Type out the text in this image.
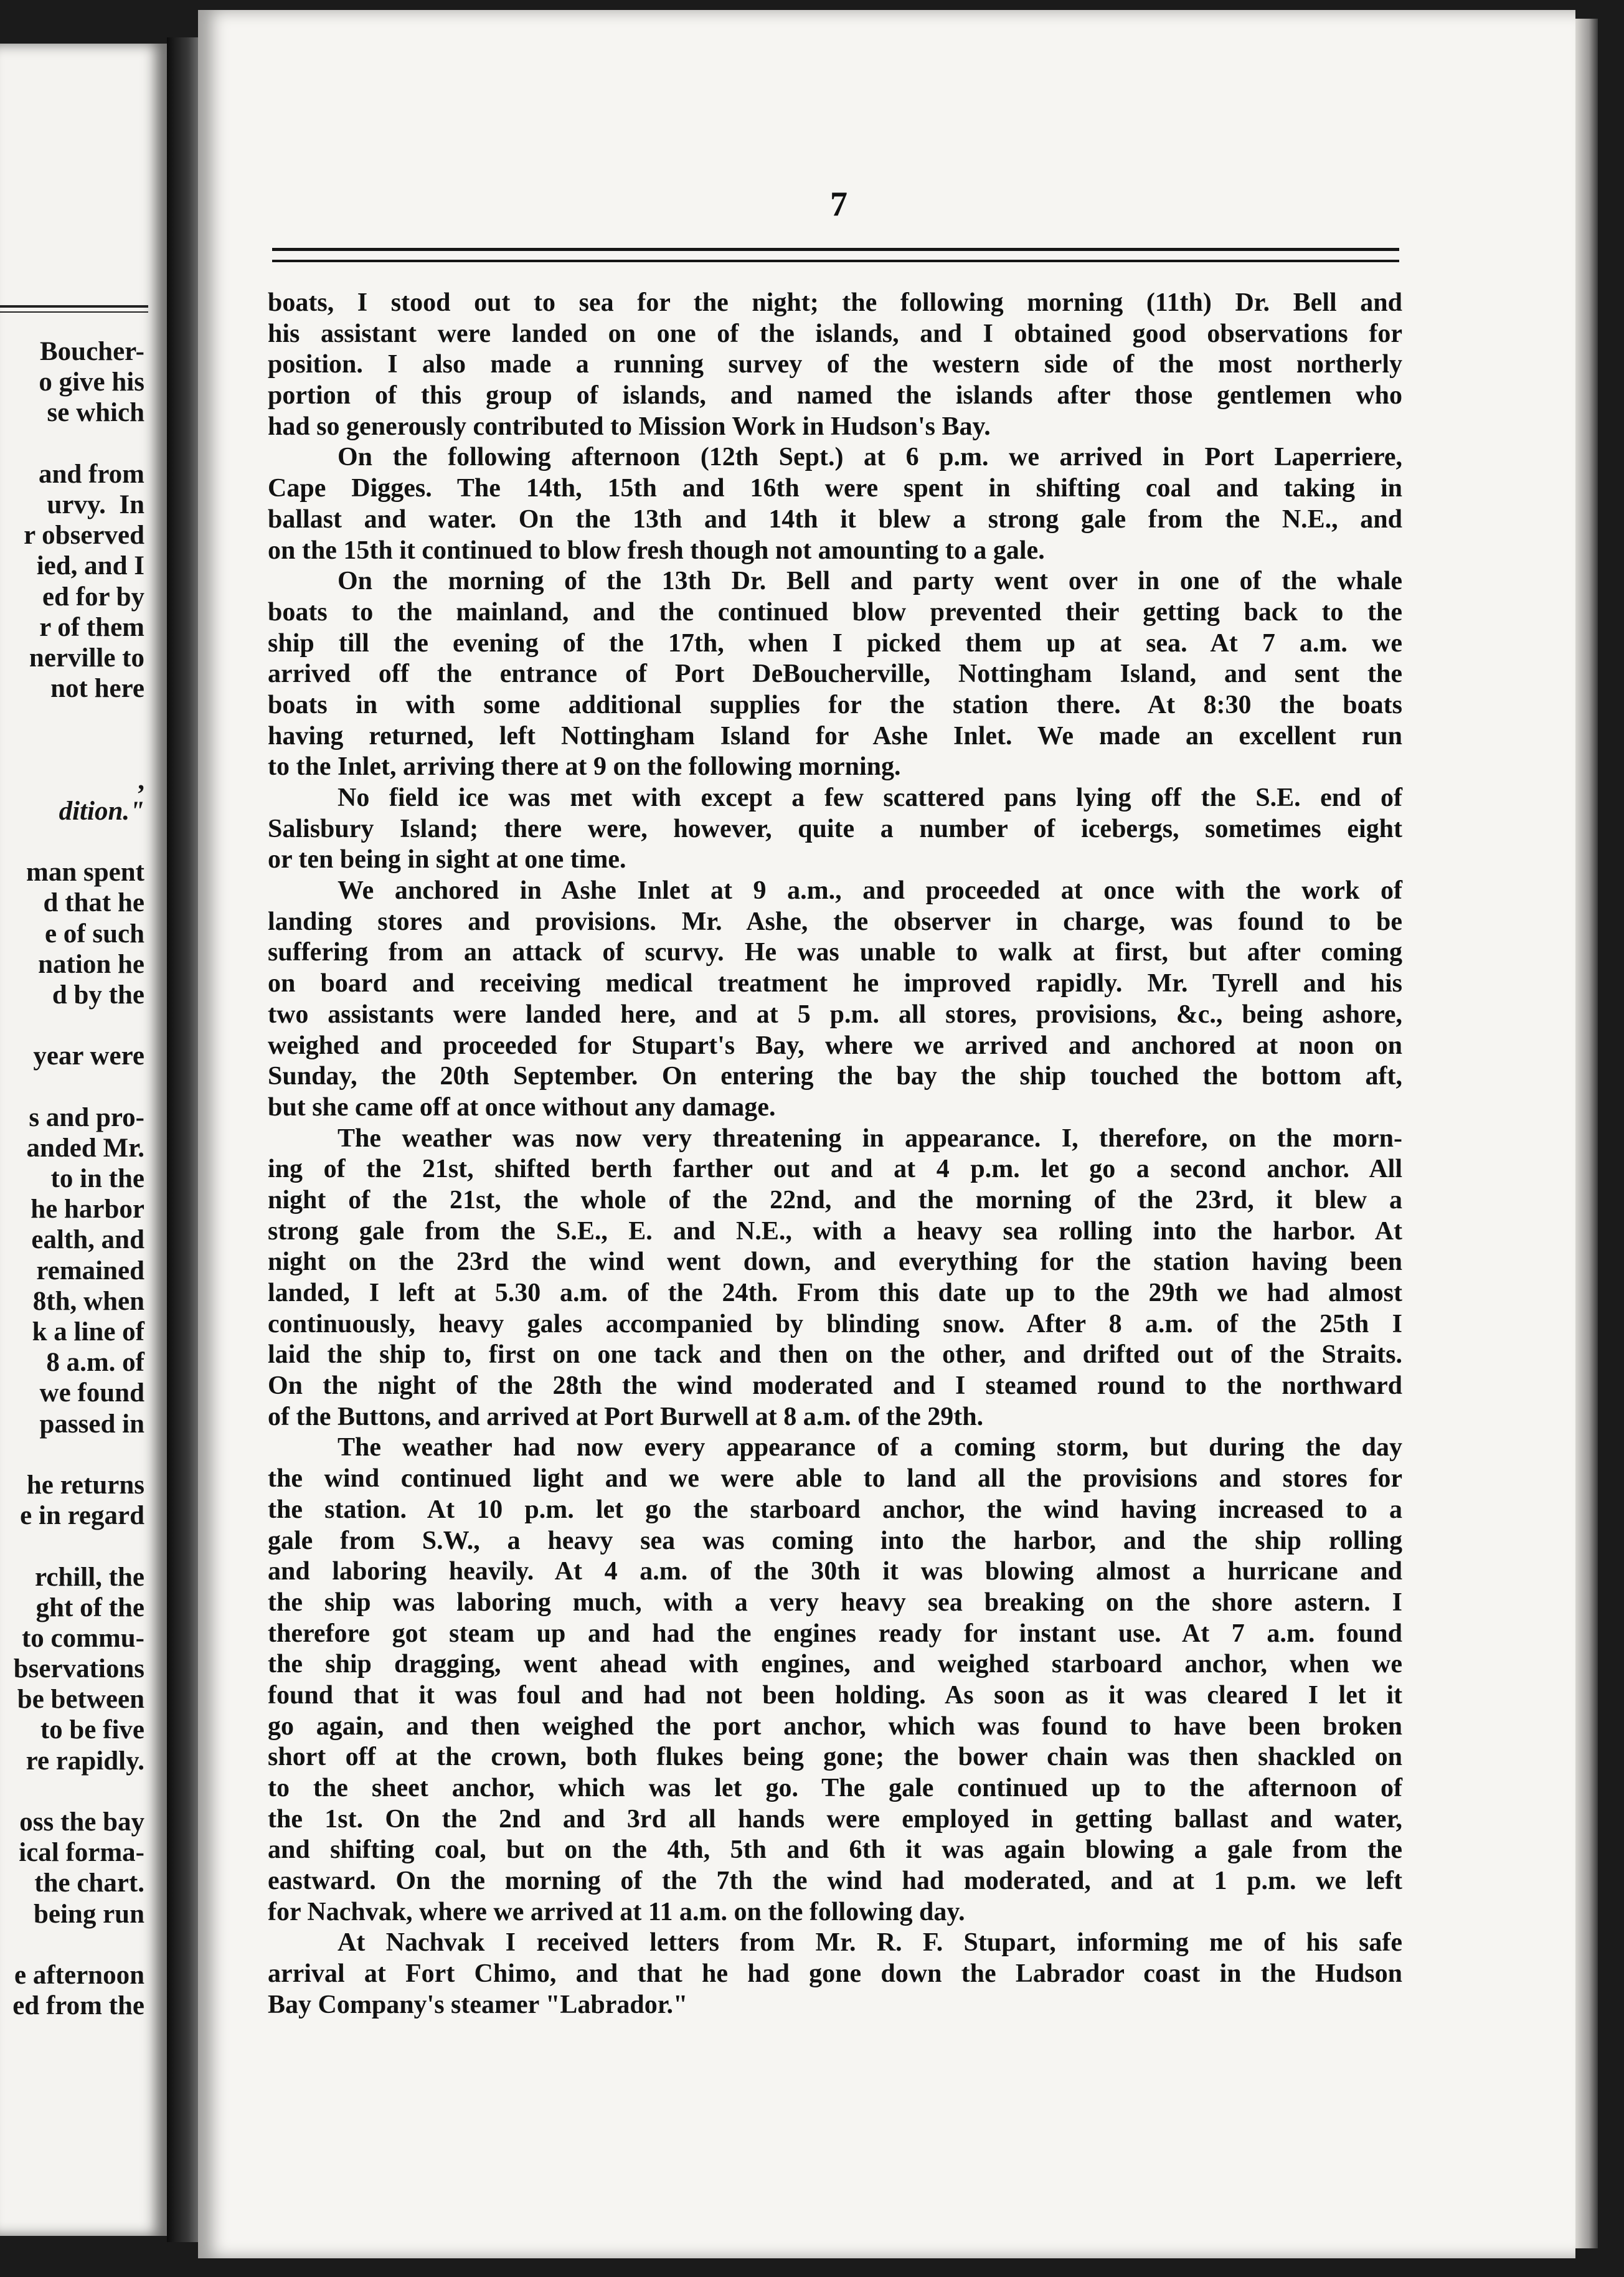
Boucher-
o give his
se which
and from
urvy.  In
r observed
ied, and I
ed for by
r of them
nerville to
not here
,
dition."
man spent
d that he
e of such
nation he
d by the
year were
s and pro-
anded Mr.
to in the
he harbor
ealth, and
remained
8th, when
k a line of
8 a.m. of
we found
passed in
he returns
e in regard
rchill, the
ght of the
to commu-
bservations
be between
to be five
re rapidly.
oss the bay
ical forma-
the chart.
being run
e afternoon
ed from the
7
boats, I stood out to sea for the night; the following morning (11th) Dr. Bell and
his assistant were landed on one of the islands, and I obtained good observations for
position. I also made a running survey of the western side of the most northerly
portion of this group of islands, and named the islands after those gentlemen who
had so generously contributed to Mission Work in Hudson's Bay.
On the following afternoon (12th Sept.) at 6 p.m. we arrived in Port Laperriere,
Cape Digges. The 14th, 15th and 16th were spent in shifting coal and taking in
ballast and water. On the 13th and 14th it blew a strong gale from the N.E., and
on the 15th it continued to blow fresh though not amounting to a gale.
On the morning of the 13th Dr. Bell and party went over in one of the whale
boats to the mainland, and the continued blow prevented their getting back to the
ship till the evening of the 17th, when I picked them up at sea. At 7 a.m. we
arrived off the entrance of Port DeBoucherville, Nottingham Island, and sent the
boats in with some additional supplies for the station there. At 8:30 the boats
having returned, left Nottingham Island for Ashe Inlet. We made an excellent run
to the Inlet, arriving there at 9 on the following morning.
No field ice was met with except a few scattered pans lying off the S.E. end of
Salisbury Island; there were, however, quite a number of icebergs, sometimes eight
or ten being in sight at one time.
We anchored in Ashe Inlet at 9 a.m., and proceeded at once with the work of
landing stores and provisions. Mr. Ashe, the observer in charge, was found to be
suffering from an attack of scurvy. He was unable to walk at first, but after coming
on board and receiving medical treatment he improved rapidly. Mr. Tyrell and his
two assistants were landed here, and at 5 p.m. all stores, provisions, &c., being ashore,
weighed and proceeded for Stupart's Bay, where we arrived and anchored at noon on
Sunday, the 20th September. On entering the bay the ship touched the bottom aft,
but she came off at once without any damage.
The weather was now very threatening in appearance. I, therefore, on the morn-
ing of the 21st, shifted berth farther out and at 4 p.m. let go a second anchor. All
night of the 21st, the whole of the 22nd, and the morning of the 23rd, it blew a
strong gale from the S.E., E. and N.E., with a heavy sea rolling into the harbor. At
night on the 23rd the wind went down, and everything for the station having been
landed, I left at 5.30 a.m. of the 24th. From this date up to the 29th we had almost
continuously, heavy gales accompanied by blinding snow. After 8 a.m. of the 25th I
laid the ship to, first on one tack and then on the other, and drifted out of the Straits.
On the night of the 28th the wind moderated and I steamed round to the northward
of the Buttons, and arrived at Port Burwell at 8 a.m. of the 29th.
The weather had now every appearance of a coming storm, but during the day
the wind continued light and we were able to land all the provisions and stores for
the station. At 10 p.m. let go the starboard anchor, the wind having increased to a
gale from S.W., a heavy sea was coming into the harbor, and the ship rolling
and laboring heavily. At 4 a.m. of the 30th it was blowing almost a hurricane and
the ship was laboring much, with a very heavy sea breaking on the shore astern. I
therefore got steam up and had the engines ready for instant use. At 7 a.m. found
the ship dragging, went ahead with engines, and weighed starboard anchor, when we
found that it was foul and had not been holding. As soon as it was cleared I let it
go again, and then weighed the port anchor, which was found to have been broken
short off at the crown, both flukes being gone; the bower chain was then shackled on
to the sheet anchor, which was let go. The gale continued up to the afternoon of
the 1st. On the 2nd and 3rd all hands were employed in getting ballast and water,
and shifting coal, but on the 4th, 5th and 6th it was again blowing a gale from the
eastward. On the morning of the 7th the wind had moderated, and at 1 p.m. we left
for Nachvak, where we arrived at 11 a.m. on the following day.
At Nachvak I received letters from Mr. R. F. Stupart, informing me of his safe
arrival at Fort Chimo, and that he had gone down the Labrador coast in the Hudson
Bay Company's steamer "Labrador."
